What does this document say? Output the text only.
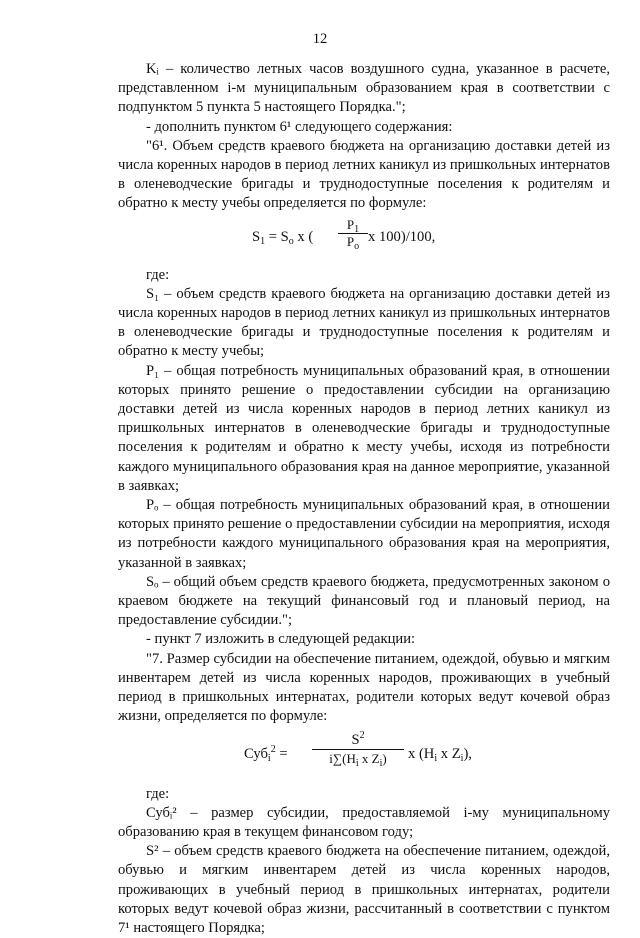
12

Kᵢ – количество летных часов воздушного судна, указанное в расчете, представленном i-м муниципальным образованием края в соответствии с подпунктом 5 пункта 5 настоящего Порядка.";

- дополнить пунктом 6¹ следующего содержания:

"6¹. Объем средств краевого бюджета на организацию доставки детей из числа коренных народов в период летних каникул из пришкольных интернатов в оленеводческие бригады и труднодоступные поселения к родителям и обратно к месту учебы определяется по формуле:

$S_1 = S_o$ x (
$P_1$
$P_o$
x 100)/100,

где:

S₁ – объем средств краевого бюджета на организацию доставки детей из числа коренных народов в период летних каникул из пришкольных интернатов в оленеводческие бригады и труднодоступные поселения к родителям и обратно к месту учебы;

P₁ – общая потребность муниципальных образований края, в отношении которых принято решение о предоставлении субсидии на организацию доставки детей из числа коренных народов в период летних каникул из пришкольных интернатов в оленеводческие бригады и труднодоступные поселения к родителям и обратно к месту учебы, исходя из потребности каждого муниципального образования края на данное мероприятие, указанной в заявках;

Pₒ – общая потребность муниципальных образований края, в отношении которых принято решение о предоставлении субсидии на мероприятия, исходя из потребности каждого муниципального образования края на мероприятия, указанной в заявках;

Sₒ – общий объем средств краевого бюджета, предусмотренных законом о краевом бюджете на текущий финансовый год и плановый период, на предоставление субсидии.";

- пункт 7 изложить в следующей редакции:

"7. Размер субсидии на обеспечение питанием, одеждой, обувью и мягким инвентарем детей из числа коренных народов, проживающих в учебный период в пришкольных интернатах, родители которых ведут кочевой образ жизни, определяется по формуле:

Суб$_i^2$ =
$S^2$
$i\sum(H_i$ x $Z_i$)	x ($H_i$ x $Z_i$),

где:

Субᵢ² – размер субсидии, предоставляемой i-му муниципальному образованию края в текущем финансовом году;

S² – объем средств краевого бюджета на обеспечение питанием, одеждой, обувью и мягким инвентарем детей из числа коренных народов, проживающих в учебный период в пришкольных интернатах, родители которых ведут кочевой образ жизни, рассчитанный в соответствии с пунктом 7¹ настоящего Порядка;
